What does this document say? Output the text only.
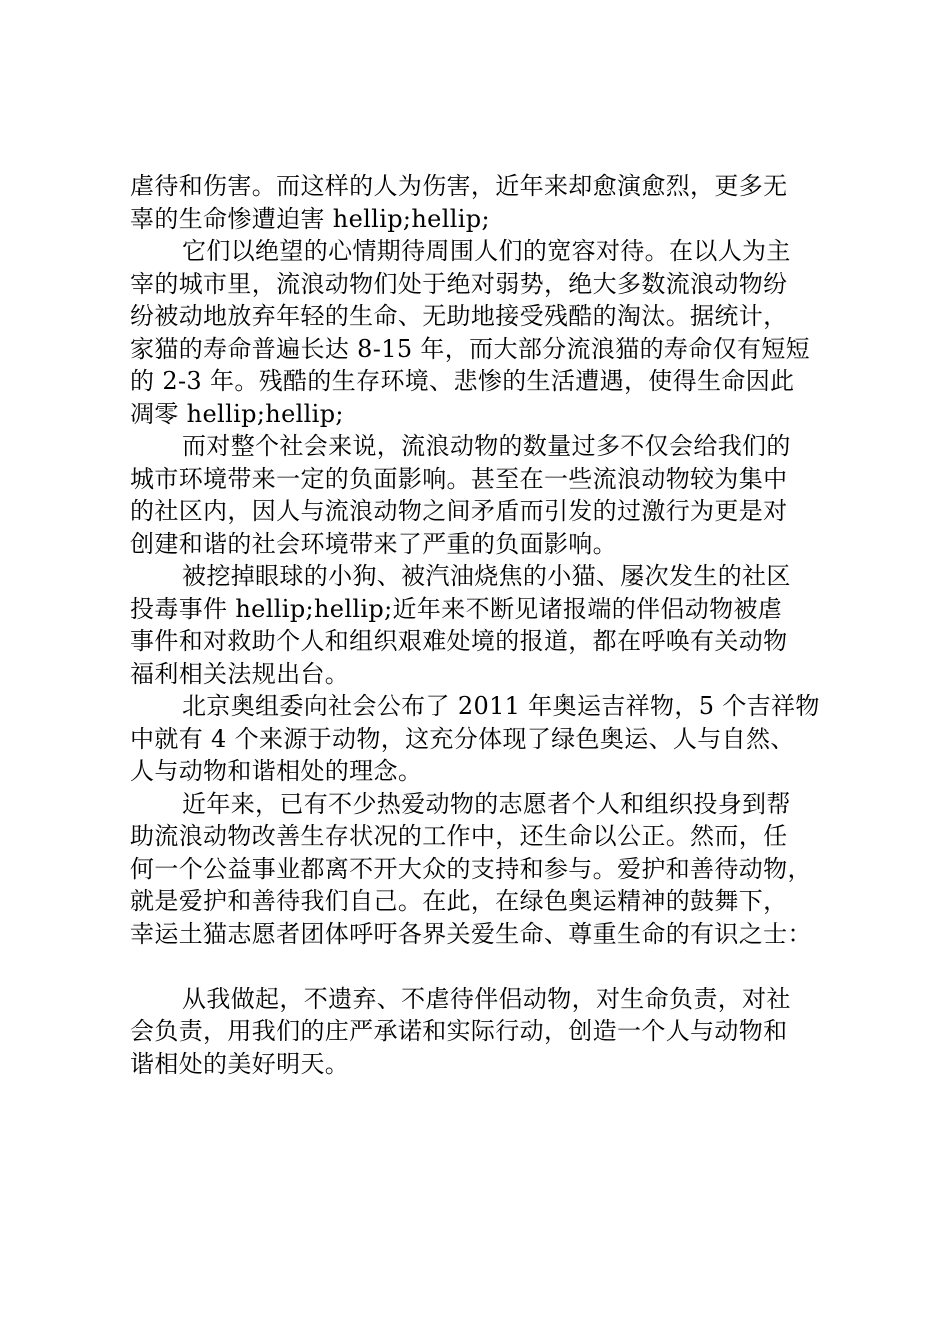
虐待和伤害。而这样的人为伤害，近年来却愈演愈烈，更多无
辜的生命惨遭迫害 hellip;hellip;
它们以绝望的心情期待周围人们的宽容对待。在以人为主
宰的城市里，流浪动物们处于绝对弱势，绝大多数流浪动物纷
纷被动地放弃年轻的生命、无助地接受残酷的淘汰。据统计，
家猫的寿命普遍长达 8-15 年，而大部分流浪猫的寿命仅有短短
的 2-3 年。残酷的生存环境、悲惨的生活遭遇，使得生命因此
凋零 hellip;hellip;
而对整个社会来说，流浪动物的数量过多不仅会给我们的
城市环境带来一定的负面影响。甚至在一些流浪动物较为集中
的社区内，因人与流浪动物之间矛盾而引发的过激行为更是对
创建和谐的社会环境带来了严重的负面影响。
被挖掉眼球的小狗、被汽油烧焦的小猫、屡次发生的社区
投毒事件 hellip;hellip;近年来不断见诸报端的伴侣动物被虐
事件和对救助个人和组织艰难处境的报道，都在呼唤有关动物
福利相关法规出台。
北京奥组委向社会公布了 2011 年奥运吉祥物，5 个吉祥物
中就有 4 个来源于动物，这充分体现了绿色奥运、人与自然、
人与动物和谐相处的理念。
近年来，已有不少热爱动物的志愿者个人和组织投身到帮
助流浪动物改善生存状况的工作中，还生命以公正。然而，任
何一个公益事业都离不开大众的支持和参与。爱护和善待动物，
就是爱护和善待我们自己。在此，在绿色奥运精神的鼓舞下，
幸运土猫志愿者团体呼吁各界关爱生命、尊重生命的有识之士：
从我做起，不遗弃、不虐待伴侣动物，对生命负责，对社
会负责，用我们的庄严承诺和实际行动，创造一个人与动物和
谐相处的美好明天。
